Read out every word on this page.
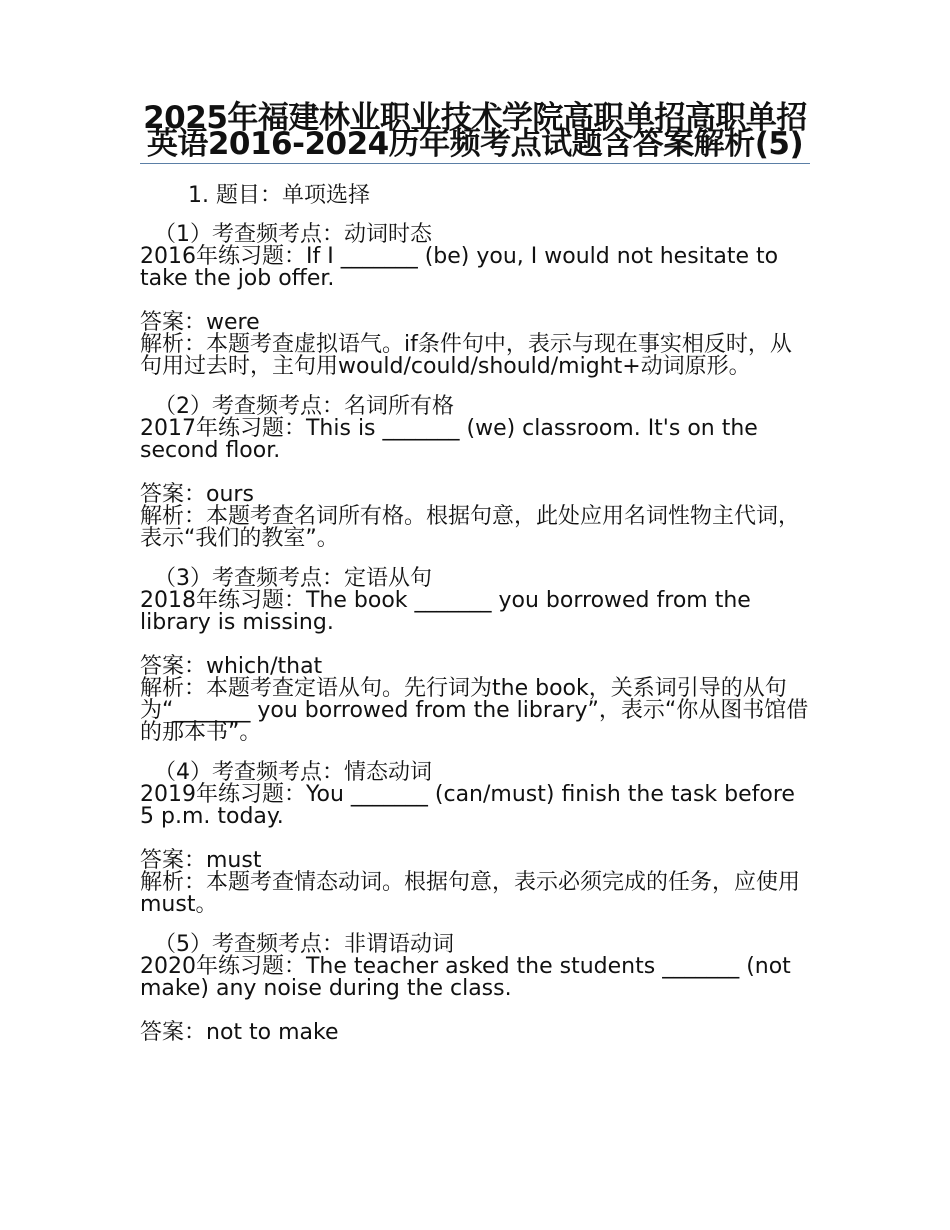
2025年福建林业职业技术学院高职单招高职单招英语2016-2024历年频考点试题含答案解析(5)
1. 题目：单项选择
（1）考查频考点：动词时态
2016年练习题：If I _______ (be) you, I would not hesitate to take the job offer.
答案：were
解析：本题考查虚拟语气。if条件句中，表示与现在事实相反时，从句用过去时，主句用would/could/should/might+动词原形。
（2）考查频考点：名词所有格
2017年练习题：This is _______ (we) classroom. It's on the second floor.
答案：ours
解析：本题考查名词所有格。根据句意，此处应用名词性物主代词，表示“我们的教室”。
（3）考查频考点：定语从句
2018年练习题：The book _______ you borrowed from the library is missing.
答案：which/that
解析：本题考查定语从句。先行词为the book，关系词引导的从句为“_______ you borrowed from the library”，表示“你从图书馆借的那本书”。
（4）考查频考点：情态动词
2019年练习题：You _______ (can/must) finish the task before 5 p.m. today.
答案：must
解析：本题考查情态动词。根据句意，表示必须完成的任务，应使用must。
（5）考查频考点：非谓语动词
2020年练习题：The teacher asked the students _______ (not make) any noise during the class.
答案：not to make
